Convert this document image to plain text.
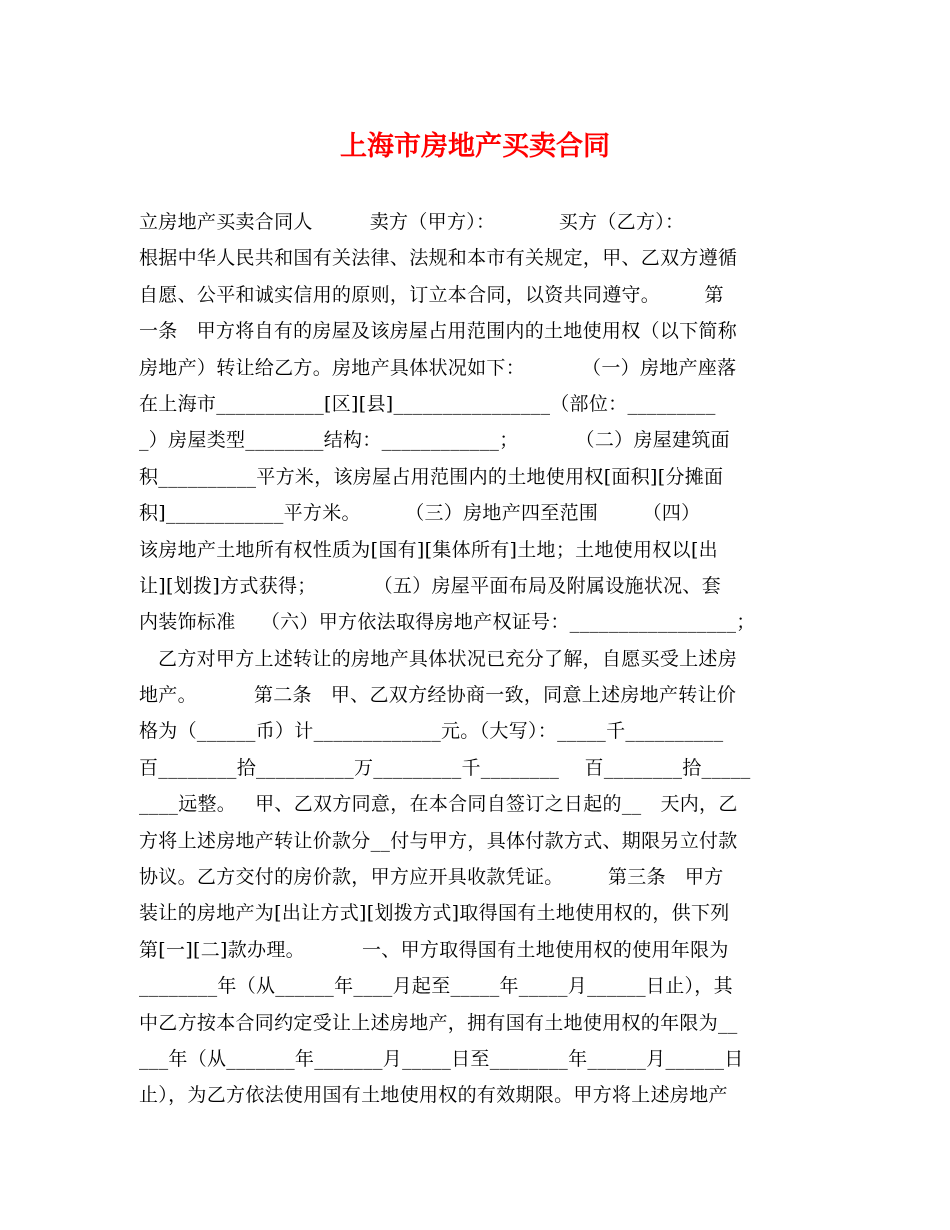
上海市房地产买卖合同
立房地产买卖合同人         卖方（甲方）：          买方（乙方）：
根据中华人民共和国有关法律、法规和本市有关规定，甲、乙双方遵循
自愿、公平和诚实信用的原则，订立本合同，以资共同遵守。       第
一条   甲方将自有的房屋及该房屋占用范围内的土地使用权（以下简称
房地产）转让给乙方。房地产具体状况如下：         （一）房地产座落
在上海市___________[区][县]________________（部位：_________
_）房屋类型________结构：____________；         （二）房屋建筑面
积__________平方米，该房屋占用范围内的土地使用权[面积][分摊面
积]____________平方米。       （三）房地产四至范围       （四）
该房地产土地所有权性质为[国有][集体所有]土地；土地使用权以[出
让][划拨]方式获得；         （五）房屋平面布局及附属设施状况、套
内装饰标准    （六）甲方依法取得房地产权证号：_________________；
乙方对甲方上述转让的房地产具体状况已充分了解，自愿买受上述房
地产。         第二条   甲、乙双方经协商一致，同意上述房地产转让价
格为（______币）计_____________元。（大写）：_____千__________
百________拾__________万_________千________    百________拾_____
____远整。   甲、乙双方同意，在本合同自签订之日起的__   天内，乙
方将上述房地产转让价款分__付与甲方，具体付款方式、期限另立付款
协议。乙方交付的房价款，甲方应开具收款凭证。       第三条   甲方
装让的房地产为[出让方式][划拨方式]取得国有土地使用权的，供下列
第[一][二]款办理。         一、甲方取得国有土地使用权的使用年限为
________年（从______年____月起至_____年_____月______日止），其
中乙方按本合同约定受让上述房地产，拥有国有土地使用权的年限为__
___年（从_______年_______月_____日至________年______月______日
止），为乙方依法使用国有土地使用权的有效期限。甲方将上述房地产
